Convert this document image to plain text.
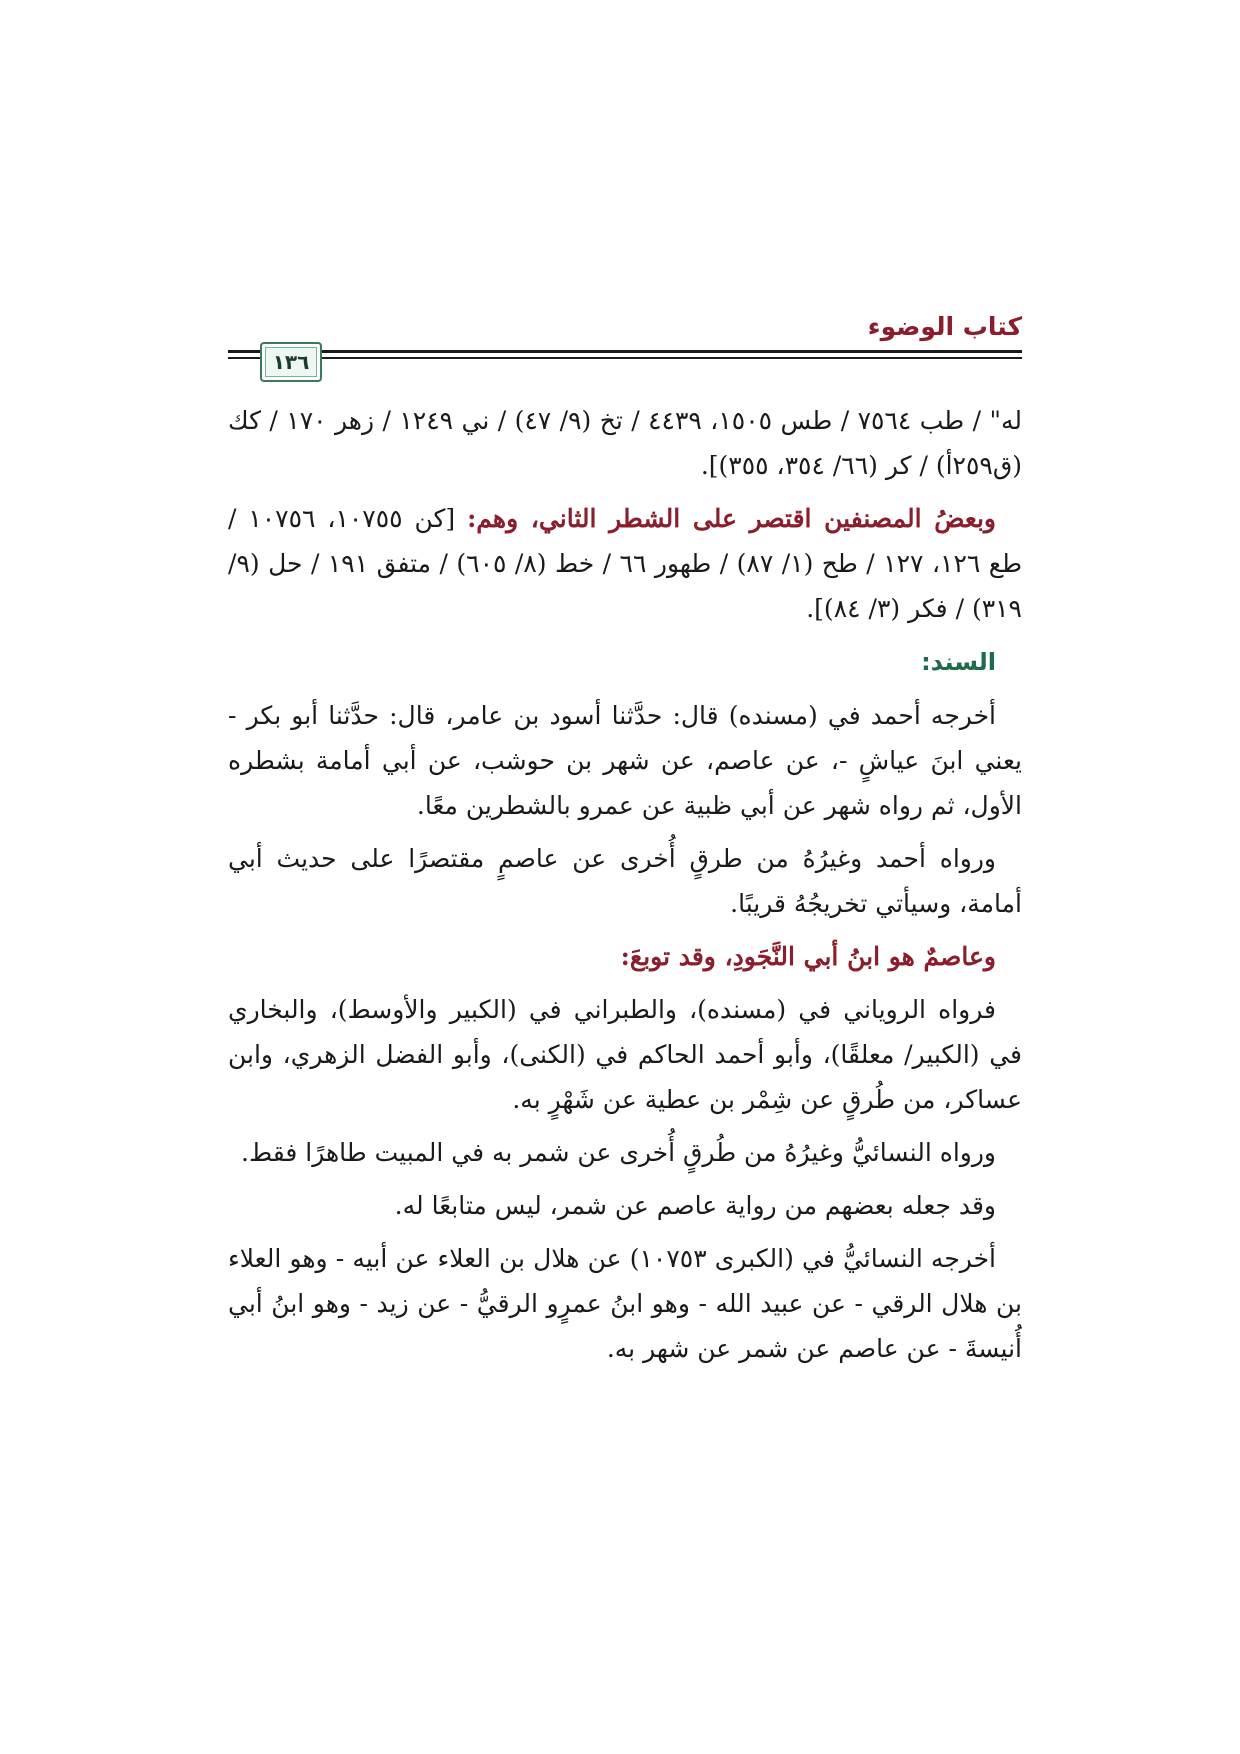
كتاب الوضوء
١٣٦

له" / طب ٧٥٦٤ / طس ١٥٠٥، ٤٤٣٩ / تخ (٩/ ٤٧) / ني ١٢٤٩ / زهر ١٧٠ / كك (ق٢٥٩أ) / كر (٦٦/ ٣٥٤، ٣٥٥)].

وبعضُ المصنفين اقتصر على الشطر الثاني، وهم: [كن ١٠٧٥٥، ١٠٧٥٦ / طع ١٢٦، ١٢٧ / طح (١/ ٨٧) / طهور ٦٦ / خط (٨/ ٦٠٥) / متفق ١٩١ / حل (٩/ ٣١٩) / فكر (٣/ ٨٤)].

السند:

أخرجه أحمد في (مسنده) قال: حدَّثنا أسود بن عامر، قال: حدَّثنا أبو بكر - يعني ابنَ عياشٍ -، عن عاصم، عن شهر بن حوشب، عن أبي أمامة بشطره الأول، ثم رواه شهر عن أبي ظبية عن عمرو بالشطرين معًا.

ورواه أحمد وغيرُهُ من طرقٍ أُخرى عن عاصمٍ مقتصرًا على حديث أبي أمامة، وسيأتي تخريجُهُ قريبًا.

وعاصمٌ هو ابنُ أبي النَّجَودِ، وقد توبعَ:

فرواه الروياني في (مسنده)، والطبراني في (الكبير والأوسط)، والبخاري في (الكبير/ معلقًا)، وأبو أحمد الحاكم في (الكنى)، وأبو الفضل الزهري، وابن عساكر، من طُرقٍ عن شِمْر بن عطية عن شَهْرٍ به.

ورواه النسائيُّ وغيرُهُ من طُرقٍ أُخرى عن شمر به في المبيت طاهرًا فقط.

وقد جعله بعضهم من رواية عاصم عن شمر، ليس متابعًا له.

أخرجه النسائيُّ في (الكبرى ١٠٧٥٣) عن هلال بن العلاء عن أبيه - وهو العلاء بن هلال الرقي - عن عبيد الله - وهو ابنُ عمرٍو الرقيُّ - عن زيد - وهو ابنُ أبي أُنيسةَ - عن عاصم عن شمر عن شهر به.
